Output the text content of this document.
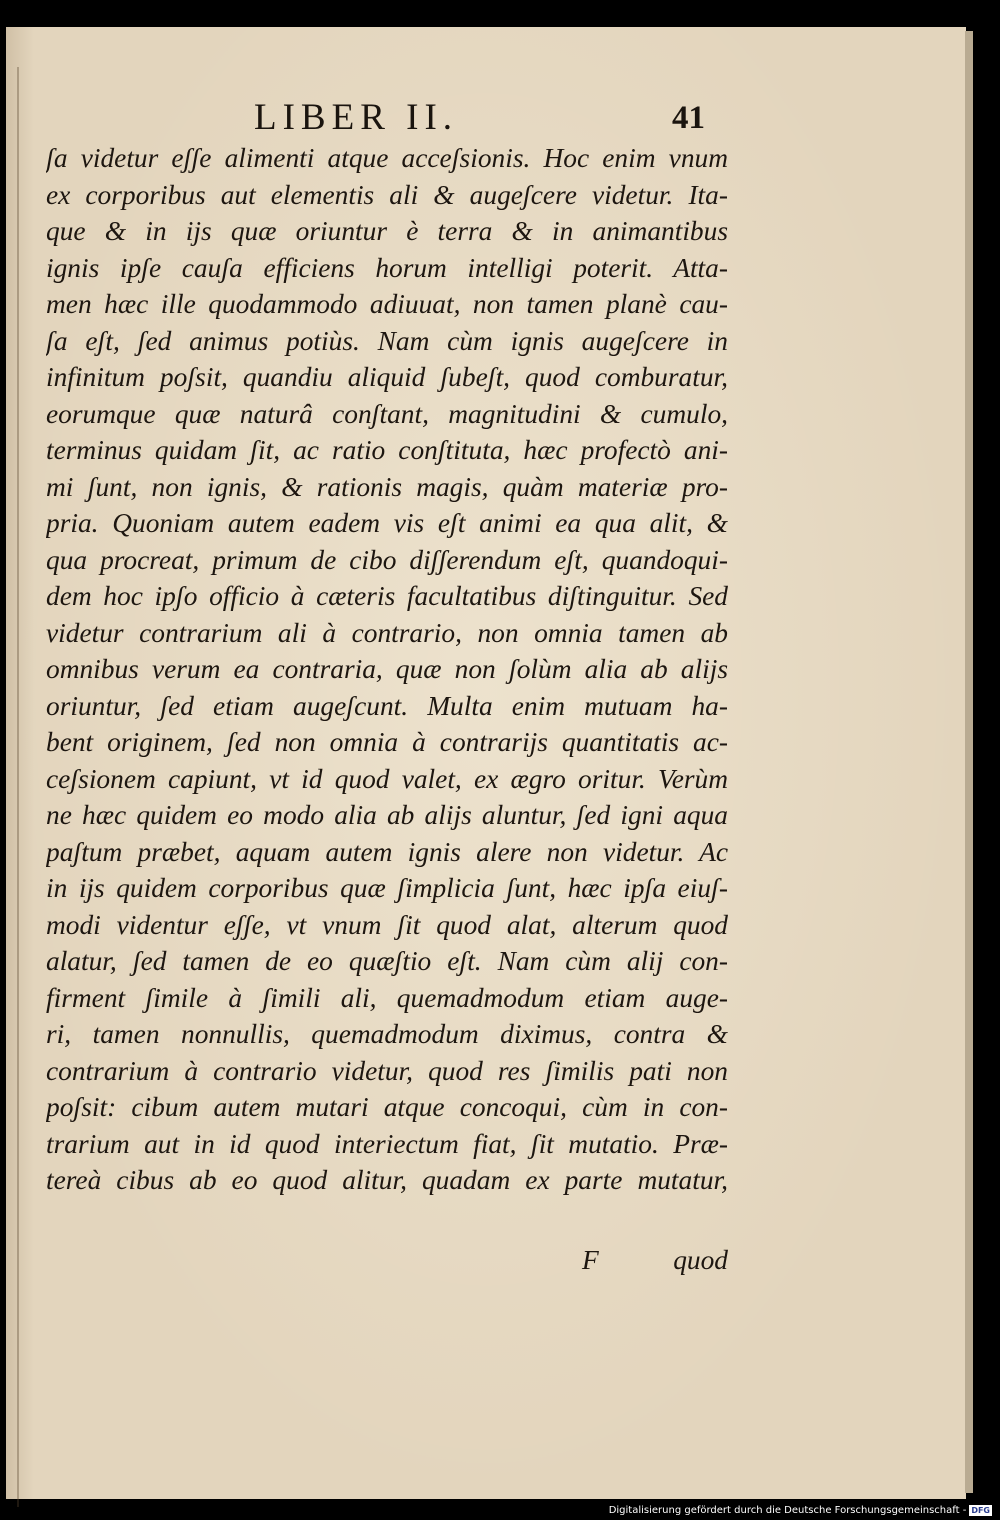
LIBER II.	41
ʃa videtur eʃʃe alimenti atque acceʃsionis. Hoc enim vnum
ex corporibus aut elementis ali & augeʃcere videtur. Ita-
que & in ijs quæ oriuntur è terra & in animantibus
ignis ipʃe cauʃa efficiens horum intelligi poterit. Atta-
men hæc ille quodammodo adiuuat, non tamen planè cau-
ʃa eʃt, ʃed animus potiùs. Nam cùm ignis augeʃcere in
infinitum poʃsit, quandiu aliquid ʃubeʃt, quod comburatur,
eorumque quæ naturâ conʃtant, magnitudini & cumulo,
terminus quidam ʃit, ac ratio conʃtituta, hæc profectò ani-
mi ʃunt, non ignis, & rationis magis, quàm materiæ pro-
pria. Quoniam autem eadem vis eʃt animi ea qua alit, &
qua procreat, primum de cibo diʃʃerendum eʃt, quandoqui-
dem hoc ipʃo officio à cæteris facultatibus diʃtinguitur. Sed
videtur contrarium ali à contrario, non omnia tamen ab
omnibus verum ea contraria, quæ non ʃolùm alia ab alijs
oriuntur, ʃed etiam augeʃcunt. Multa enim mutuam ha-
bent originem, ʃed non omnia à contrarijs quantitatis ac-
ceʃsionem capiunt, vt id quod valet, ex ægro oritur. Verùm
ne hæc quidem eo modo alia ab alijs aluntur, ʃed igni aqua
paʃtum præbet, aquam autem ignis alere non videtur. Ac
in ijs quidem corporibus quæ ʃimplicia ʃunt, hæc ipʃa eiuʃ-
modi videntur eʃʃe, vt vnum ʃit quod alat, alterum quod
alatur, ʃed tamen de eo quæʃtio eʃt. Nam cùm alij con-
firment ʃimile à ʃimili ali, quemadmodum etiam auge-
ri, tamen nonnullis, quemadmodum diximus, contra &
contrarium à contrario videtur, quod res ʃimilis pati non
poʃsit: cibum autem mutari atque concoqui, cùm in con-
trarium aut in id quod interiectum fiat, ʃit mutatio. Præ-
tereà cibus ab eo quod alitur, quadam ex parte mutatur,
F	quod
Digitalisierung gefördert durch die Deutsche Forschungsgemeinschaft - DFG
